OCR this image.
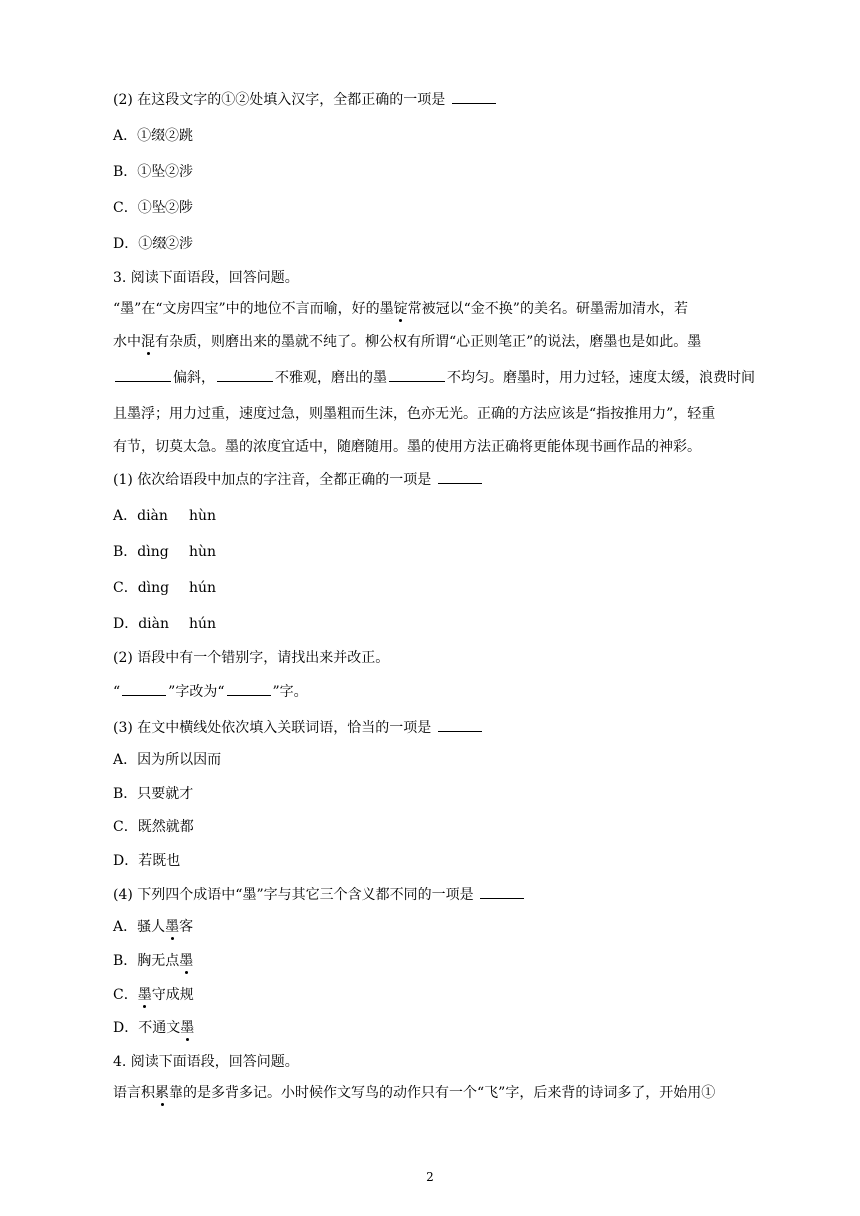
(2) 在这段文字的①②处填入汉字，全都正确的一项是
A．①缀②跳
B．①坠②涉
C．①坠②陟
D．①缀②涉
3. 阅读下面语段，回答问题。
“墨”在“文房四宝”中的地位不言而喻，好的墨锭常被冠以“金不换”的美名。研墨需加清水，若
水中混有杂质，则磨出来的墨就不纯了。柳公权有所谓“心正则笔正”的说法，磨墨也是如此。墨
偏斜，	不雅观，磨出的墨	不均匀。磨墨时，用力过轻，速度太缓，浪费时间
且墨浮；用力过重，速度过急，则墨粗而生沫，色亦无光。正确的方法应该是“指按推用力”，轻重
有节，切莫太急。墨的浓度宜适中，随磨随用。墨的使用方法正确将更能体现书画作品的神彩。
(1) 依次给语段中加点的字注音，全都正确的一项是
A．diàn hùn
B．dìng hùn
C．dìng hún
D．diàn hún
(2) 语段中有一个错别字，请找出来并改正。
“	”字改为“	”字。
(3) 在文中横线处依次填入关联词语，恰当的一项是
A．因为所以因而
B．只要就才
C．既然就都
D．若既也
(4) 下列四个成语中“墨”字与其它三个含义都不同的一项是
A．骚人墨客
B．胸无点墨
C．墨守成规
D．不通文墨
4. 阅读下面语段，回答问题。
语言积累靠的是多背多记。小时候作文写鸟的动作只有一个“飞”字，后来背的诗词多了，开始用①
2
